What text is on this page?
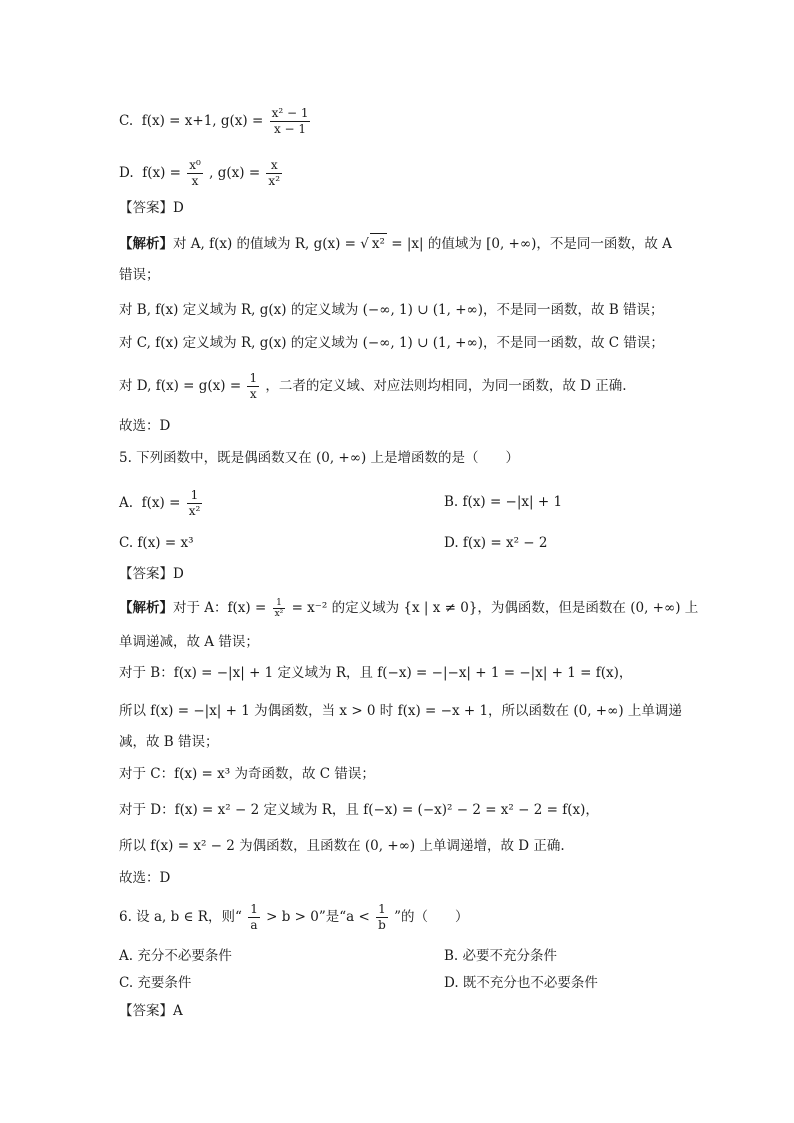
C. f(x) = x+1, $g(x) = \frac{\text{x² − 1}}{x - 1}$
D. $f(x) = \frac{\text{x⁰}}{x}$ , $g(x) = \frac{x}{\text{x²}}$
【答案】D
【解析】对 A, f(x) 的值域为 R, g(x) = √ x² = |x| 的值域为 [0, +∞)，不是同一函数，故 A
错误；
对 B, f(x) 定义域为 R, g(x) 的定义域为 (−∞, 1) ∪ (1, +∞)，不是同一函数，故 B 错误；
对 C, f(x) 定义域为 R, g(x) 的定义域为 (−∞, 1) ∪ (1, +∞)，不是同一函数，故 C 错误；
对 D, $f(x) = g(x) = \frac{1}{x}$ ，二者的定义域、对应法则均相同，为同一函数，故 D 正确.
故选：D
5. 下列函数中，既是偶函数又在 (0, +∞) 上是增函数的是（　　）
A. $f(x) = \frac{1}{\text{x²}}$	B. f(x) = −|x| + 1
C. f(x) = x³	D. f(x) = x² − 2
【答案】D
【解析】对于 A：$f(x) = \frac{1}{\text{x²}} = x^{-2}$ 的定义域为 {x | x ≠ 0}，为偶函数，但是函数在 (0, +∞) 上
单调递减，故 A 错误；
对于 B：f(x) = −|x| + 1 定义域为 R，且 f(−x) = −|−x| + 1 = −|x| + 1 = f(x)，
所以 f(x) = −|x| + 1 为偶函数，当 x > 0 时 f(x) = −x + 1，所以函数在 (0, +∞) 上单调递
减，故 B 错误；
对于 C：f(x) = x³ 为奇函数，故 C 错误；
对于 D：f(x) = x² − 2 定义域为 R，且 f(−x) = (−x)² − 2 = x² − 2 = f(x)，
所以 f(x) = x² − 2 为偶函数，且函数在 (0, +∞) 上单调递增，故 D 正确.
故选：D
6. 设 a, b ∈ R，则“ $\frac{1}{a} > b > 0$”是“$a < \frac{1}{b}$ ”的（　　）
A. 充分不必要条件	B. 必要不充分条件
C. 充要条件	D. 既不充分也不必要条件
【答案】A
